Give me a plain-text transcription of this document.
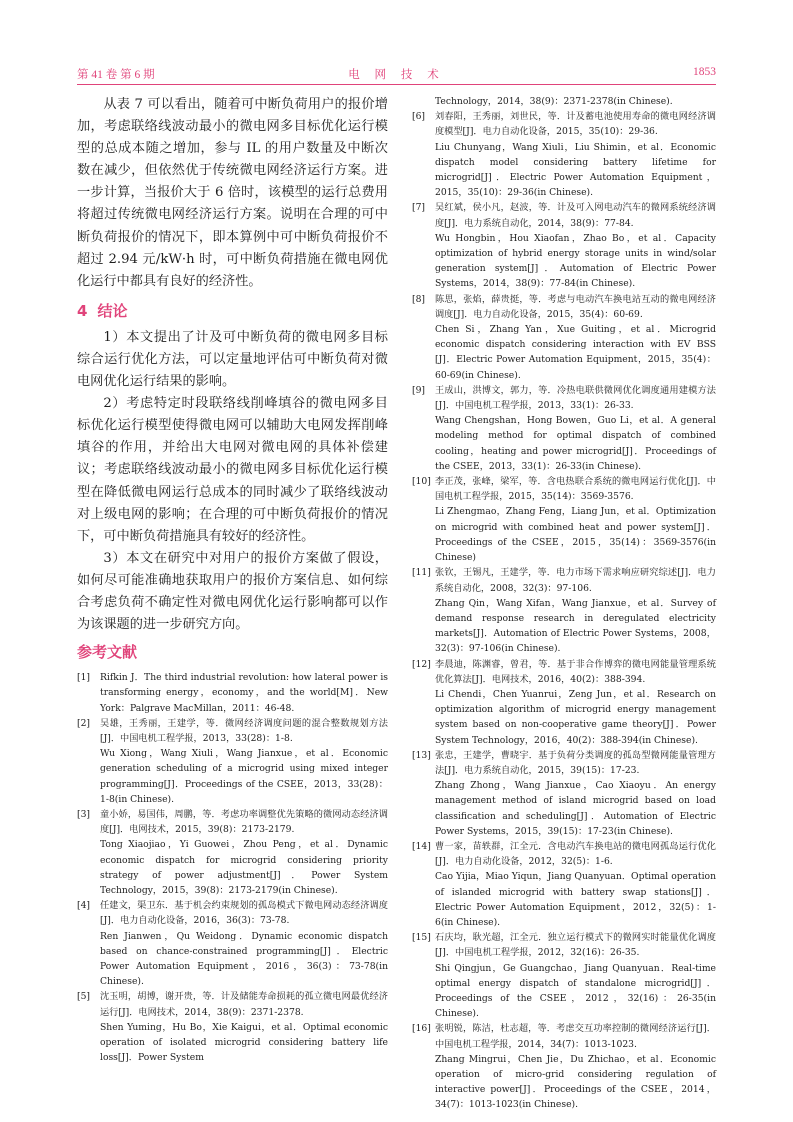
第 41 卷 第 6 期	电 网 技 术	1853

从表 7 可以看出，随着可中断负荷用户的报价增加，考虑联络线波动最小的微电网多目标优化运行模型的总成本随之增加，参与 IL 的用户数量及中断次数在减少，但依然优于传统微电网经济运行方案。进一步计算，当报价大于 6 倍时，该模型的运行总费用将超过传统微电网经济运行方案。说明在合理的可中断负荷报价的情况下，即本算例中可中断负荷报价不超过 2.94 元/kW·h 时，可中断负荷措施在微电网优化运行中都具有良好的经济性。

4 结论

1）本文提出了计及可中断负荷的微电网多目标综合运行优化方法，可以定量地评估可中断负荷对微电网优化运行结果的影响。

2）考虑特定时段联络线削峰填谷的微电网多目标优化运行模型使得微电网可以辅助大电网发挥削峰填谷的作用，并给出大电网对微电网的具体补偿建议；考虑联络线波动最小的微电网多目标优化运行模型在降低微电网运行总成本的同时减少了联络线波动对上级电网的影响；在合理的可中断负荷报价的情况下，可中断负荷措施具有较好的经济性。

3）本文在研究中对用户的报价方案做了假设，如何尽可能准确地获取用户的报价方案信息、如何综合考虑负荷不确定性对微电网优化运行影响都可以作为该课题的进一步研究方向。

参考文献
[1]	Rifkin J．The third industrial revolution: how lateral power is transforming energy，economy，and the world[M]．New York：Palgrave MacMillan，2011：46-48.
[2]	吴雄，王秀丽，王建学，等．微网经济调度问题的混合整数规划方法[J]．中国电机工程学报，2013，33(28)：1-8.
Wu Xiong，Wang Xiuli，Wang Jianxue，et al．Economic generation scheduling of a microgrid using mixed integer programming[J]．Proceedings of the CSEE，2013，33(28)：1-8(in Chinese).
[3]	童小娇，易国伟，周鹏，等．考虑功率调整优先策略的微网动态经济调度[J]．电网技术，2015，39(8)：2173-2179.
Tong Xiaojiao，Yi Guowei，Zhou Peng，et al．Dynamic economic dispatch for microgrid considering priority strategy of power adjustment[J]．Power System Technology，2015，39(8)：2173-2179(in Chinese).
[4]	任建文，渠卫东．基于机会约束规划的孤岛模式下微电网动态经济调度[J]．电力自动化设备，2016，36(3)：73-78.
Ren Jianwen，Qu Weidong．Dynamic economic dispatch based on chance-constrained programming[J]．Electric Power Automation Equipment，2016，36(3)：73-78(in Chinese).
[5]	沈玉明，胡博，谢开贵，等．计及储能寿命损耗的孤立微电网最优经济运行[J]．电网技术，2014，38(9)：2371-2378.
Shen Yuming，Hu Bo，Xie Kaigui，et al．Optimal economic operation of isolated microgrid considering battery life loss[J]．Power System

Technology，2014，38(9)：2371-2378(in Chinese).

[6]	刘春阳，王秀丽，刘世民，等．计及蓄电池使用寿命的微电网经济调度模型[J]．电力自动化设备，2015，35(10)：29-36.
Liu Chunyang，Wang Xiuli，Liu Shimin，et al．Economic dispatch model considering battery lifetime for microgrid[J]．Electric Power Automation Equipment，2015，35(10)：29-36(in Chinese).
[7]	吴红斌，侯小凡，赵波，等．计及可入网电动汽车的微网系统经济调度[J]．电力系统自动化，2014，38(9)：77-84.
Wu Hongbin，Hou Xiaofan，Zhao Bo，et al．Capacity optimization of hybrid energy storage units in wind/solar generation system[J]．Automation of Electric Power Systems，2014，38(9)：77-84(in Chinese).
[8]	陈思，张焰，薛贵挺，等．考虑与电动汽车换电站互动的微电网经济调度[J]．电力自动化设备，2015，35(4)：60-69.
Chen Si，Zhang Yan，Xue Guiting，et al．Microgrid economic dispatch considering interaction with EV BSS [J]．Electric Power Automation Equipment，2015，35(4)：60-69(in Chinese).
[9]	王成山，洪博文，郭力，等．冷热电联供微网优化调度通用建模方法[J]．中国电机工程学报，2013，33(1)：26-33.
Wang Chengshan，Hong Bowen，Guo Li，et al．A general modeling method for optimal dispatch of combined cooling，heating and power microgrid[J]．Proceedings of the CSEE，2013，33(1)：26-33(in Chinese).
[10] 李正茂，张峰，梁军，等．含电热联合系统的微电网运行优化[J]．中国电机工程学报，2015，35(14)：3569-3576.
Li Zhengmao，Zhang Feng，Liang Jun，et al．Optimization on microgrid with combined heat and power system[J]．Proceedings of the CSEE，2015，35(14)：3569-3576(in Chinese)
[11] 张钦，王锡凡，王建学，等．电力市场下需求响应研究综述[J]．电力系统自动化，2008，32(3)：97-106.
Zhang Qin，Wang Xifan，Wang Jianxue，et al．Survey of demand response research in deregulated electricity markets[J]．Automation of Electric Power Systems，2008，32(3)：97-106(in Chinese).
[12] 李晨迪，陈渊睿，曾君，等．基于非合作博弈的微电网能量管理系统优化算法[J]．电网技术，2016，40(2)：388-394.
Li Chendi，Chen Yuanrui，Zeng Jun，et al．Research on optimization algorithm of microgrid energy management system based on non-cooperative game theory[J]．Power System Technology，2016，40(2)：388-394(in Chinese).
[13] 张忠，王建学，曹晓宇．基于负荷分类调度的孤岛型微网能量管理方法[J]．电力系统自动化，2015，39(15)：17-23.
Zhang Zhong，Wang Jianxue，Cao Xiaoyu．An energy management method of island microgrid based on load classification and scheduling[J]．Automation of Electric Power Systems，2015，39(15)：17-23(in Chinese).
[14] 曹一家，苗轶群，江全元．含电动汽车换电站的微电网孤岛运行优化[J]．电力自动化设备，2012，32(5)：1-6.
Cao Yijia，Miao Yiqun，Jiang Quanyuan．Optimal operation of islanded microgrid with battery swap stations[J]．Electric Power Automation Equipment，2012，32(5)：1-6(in Chinese).
[15] 石庆均，耿光超，江全元．独立运行模式下的微网实时能量优化调度[J]．中国电机工程学报，2012，32(16)：26-35.
Shi Qingjun，Ge Guangchao，Jiang Quanyuan．Real-time optimal energy dispatch of standalone microgrid[J]．Proceedings of the CSEE，2012，32(16)：26-35(in Chinese).
[16] 张明锐，陈洁，杜志超，等．考虑交互功率控制的微网经济运行[J]．中国电机工程学报，2014，34(7)：1013-1023.
Zhang Mingrui，Chen Jie，Du Zhichao，et al．Economic operation of micro-grid considering regulation of interactive power[J]．Proceedings of the CSEE，2014，34(7)：1013-1023(in Chinese).
